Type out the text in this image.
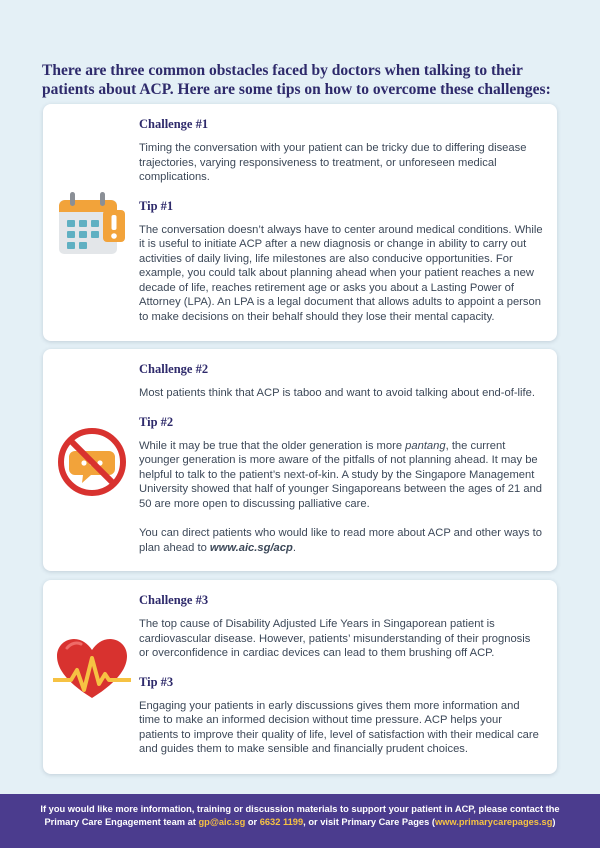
There are three common obstacles faced by doctors when talking to their patients about ACP. Here are some tips on how to overcome these challenges:

Challenge #1

Timing the conversation with your patient can be tricky due to differing disease trajectories, varying responsiveness to treatment, or unforeseen medical complications.

Tip #1

The conversation doesn’t always have to center around medical conditions. While it is useful to initiate ACP after a new diagnosis or change in ability to carry out activities of daily living, life milestones are also conducive opportunities. For example, you could talk about planning ahead when your patient reaches a new decade of life, reaches retirement age or asks you about a Lasting Power of Attorney (LPA). An LPA is a legal document that allows adults to appoint a person to make decisions on their behalf should they lose their mental capacity.

Challenge #2

Most patients think that ACP is taboo and want to avoid talking about end-of-life.

Tip #2

While it may be true that the older generation is more pantang, the current younger generation is more aware of the pitfalls of not planning ahead. It may be helpful to talk to the patient’s next-of-kin. A study by the Singapore Management University showed that half of younger Singaporeans between the ages of 21 and 50 are more open to discussing palliative care.

You can direct patients who would like to read more about ACP and other ways to plan ahead to www.aic.sg/acp.

Challenge #3

The top cause of Disability Adjusted Life Years in Singaporean patient is cardiovascular disease. However, patients’ misunderstanding of their prognosis or overconfidence in cardiac devices can lead to them brushing off ACP.

Tip #3

Engaging your patients in early discussions gives them more information and time to make an informed decision without time pressure. ACP helps your patients to improve their quality of life, level of satisfaction with their medical care and guides them to make sensible and financially prudent choices.

If you would like more information, training or discussion materials to support your patient in ACP, please contact the
Primary Care Engagement team at gp@aic.sg or 6632 1199, or visit Primary Care Pages (www.primarycarepages.sg)
